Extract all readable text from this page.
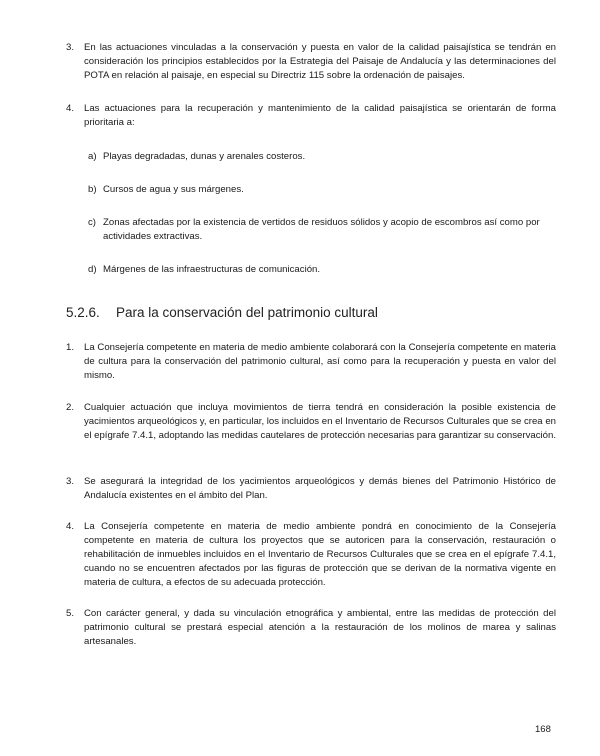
3. En las actuaciones vinculadas a la conservación y puesta en valor de la calidad paisajística se tendrán en consideración los principios establecidos por la Estrategia del Paisaje de Andalucía y las determinaciones del POTA en relación al paisaje, en especial su Directriz 115 sobre la ordenación de paisajes.
4. Las actuaciones para la recuperación y mantenimiento de la calidad paisajística se orientarán de forma prioritaria a:
a) Playas degradadas, dunas y arenales costeros.
b) Cursos de agua y sus márgenes.
c) Zonas afectadas por la existencia de vertidos de residuos sólidos y acopio de escombros así como por actividades extractivas.
d) Márgenes de las infraestructuras de comunicación.
5.2.6. Para la conservación del patrimonio cultural
1. La Consejería competente en materia de medio ambiente colaborará con la Consejería competente en materia de cultura para la conservación del patrimonio cultural, así como para la recuperación y puesta en valor del mismo.
2. Cualquier actuación que incluya movimientos de tierra tendrá en consideración la posible existencia de yacimientos arqueológicos y, en particular, los incluidos en el Inventario de Recursos Culturales que se crea en el epígrafe 7.4.1, adoptando las medidas cautelares de protección necesarias para garantizar su conservación.
3. Se asegurará la integridad de los yacimientos arqueológicos y demás bienes del Patrimonio Histórico de Andalucía existentes en el ámbito del Plan.
4. La Consejería competente en materia de medio ambiente pondrá en conocimiento de la Consejería competente en materia de cultura los proyectos que se autoricen para la conservación, restauración o rehabilitación de inmuebles incluidos en el Inventario de Recursos Culturales que se crea en el epígrafe 7.4.1, cuando no se encuentren afectados por las figuras de protección que se derivan de la normativa vigente en materia de cultura, a efectos de su adecuada protección.
5. Con carácter general, y dada su vinculación etnográfica y ambiental, entre las medidas de protección del patrimonio cultural se prestará especial atención a la restauración de los molinos de marea y salinas artesanales.
168
